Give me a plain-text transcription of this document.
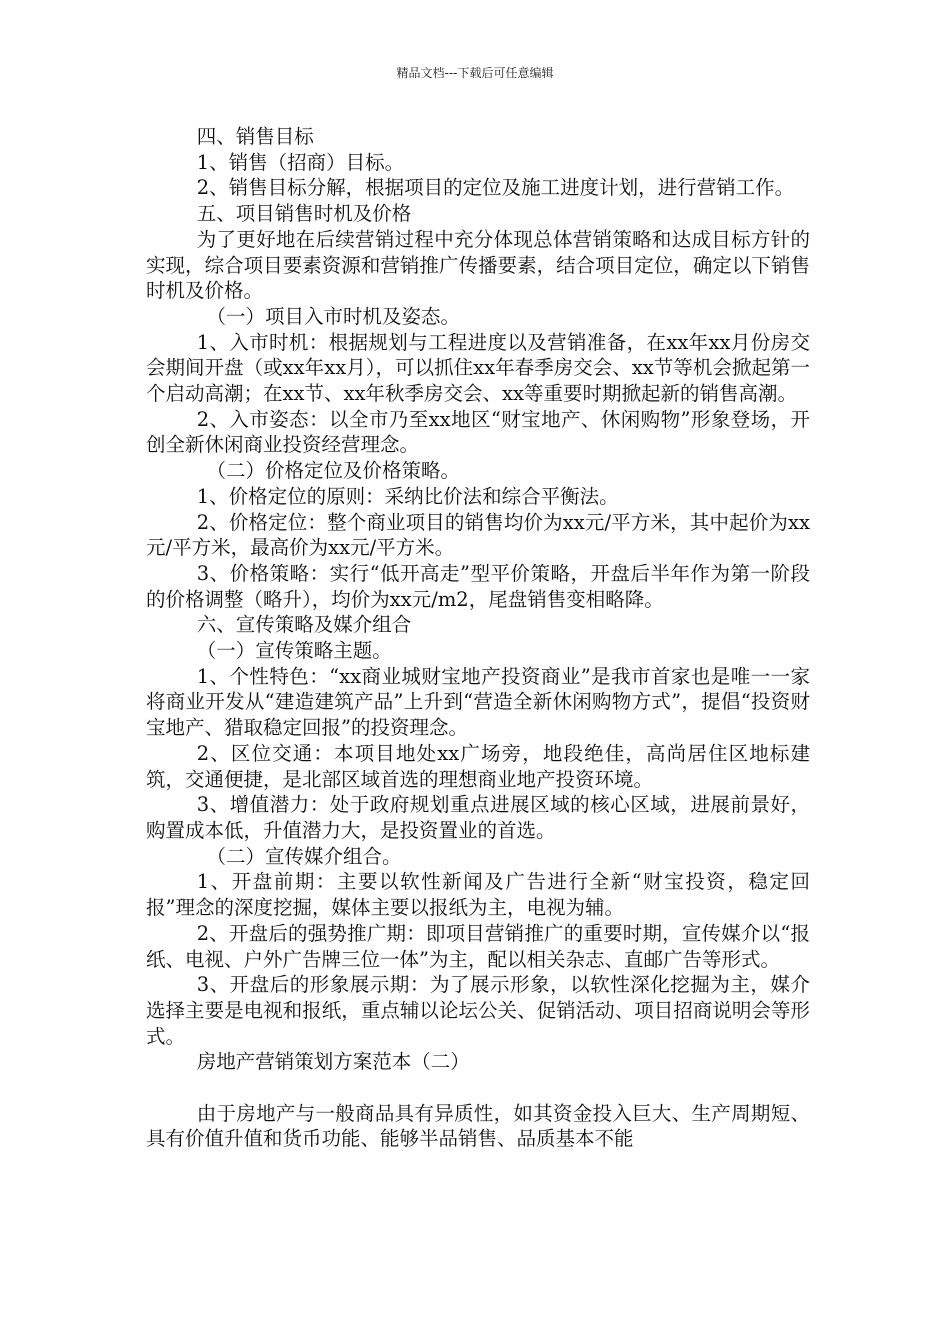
精品文档---下载后可任意编辑

四、销售目标

1、销售（招商）目标。

2、销售目标分解，根据项目的定位及施工进度计划，进行营销工作。

五、项目销售时机及价格

为了更好地在后续营销过程中充分体现总体营销策略和达成目标方针的实现，综合项目要素资源和营销推广传播要素，结合项目定位，确定以下销售时机及价格。

（一）项目入市时机及姿态。

1、入市时机：根据规划与工程进度以及营销准备，在xx年xx月份房交会期间开盘（或xx年xx月），可以抓住xx年春季房交会、xx节等机会掀起第一个启动高潮；在xx节、xx年秋季房交会、xx等重要时期掀起新的销售高潮。

2、入市姿态：以全市乃至xx地区“财宝地产、休闲购物”形象登场，开创全新休闲商业投资经营理念。

（二）价格定位及价格策略。

1、价格定位的原则：采纳比价法和综合平衡法。

2、价格定位：整个商业项目的销售均价为xx元/平方米，其中起价为xx元/平方米，最高价为xx元/平方米。

3、价格策略：实行“低开高走”型平价策略，开盘后半年作为第一阶段的价格调整（略升），均价为xx元/m2，尾盘销售变相略降。

六、宣传策略及媒介组合

（一）宣传策略主题。

1、个性特色：“xx商业城财宝地产投资商业”是我市首家也是唯一一家将商业开发从“建造建筑产品”上升到“营造全新休闲购物方式”，提倡“投资财宝地产、猎取稳定回报”的投资理念。

2、区位交通：本项目地处xx广场旁，地段绝佳，高尚居住区地标建筑，交通便捷，是北部区域首选的理想商业地产投资环境。

3、增值潜力：处于政府规划重点进展区域的核心区域，进展前景好，购置成本低，升值潜力大，是投资置业的首选。

（二）宣传媒介组合。

1、开盘前期：主要以软性新闻及广告进行全新“财宝投资，稳定回报”理念的深度挖掘，媒体主要以报纸为主，电视为辅。

2、开盘后的强势推广期：即项目营销推广的重要时期，宣传媒介以“报纸、电视、户外广告牌三位一体”为主，配以相关杂志、直邮广告等形式。

3、开盘后的形象展示期：为了展示形象，以软性深化挖掘为主，媒介选择主要是电视和报纸，重点辅以论坛公关、促销活动、项目招商说明会等形式。

房地产营销策划方案范本（二）

由于房地产与一般商品具有异质性，如其资金投入巨大、生产周期短、具有价值升值和货币功能、能够半品销售、品质基本不能
